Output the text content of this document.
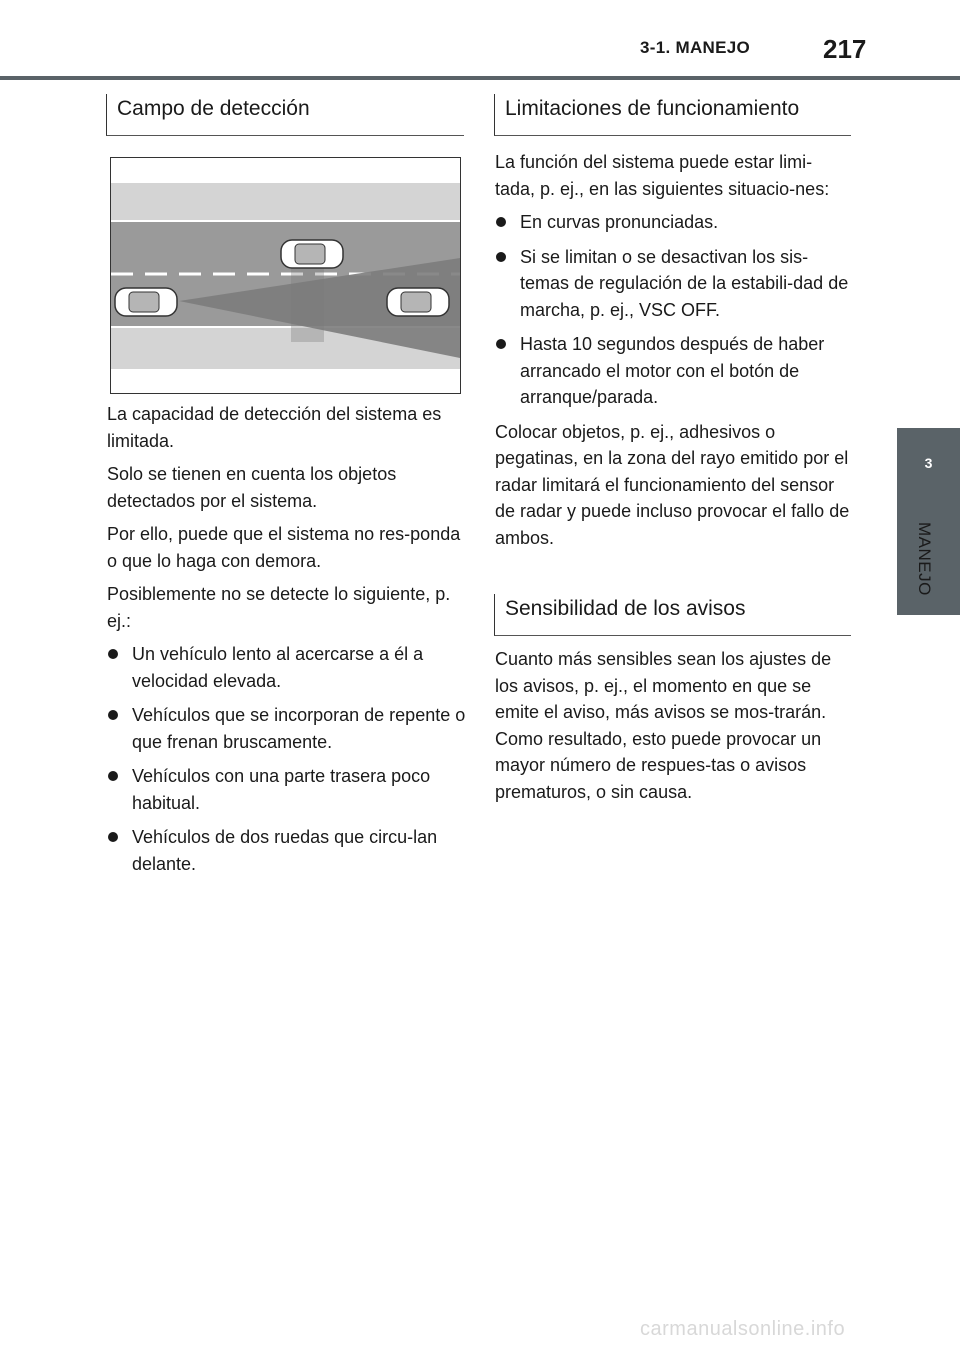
3-1. MANEJO	217
3
MANEJO
Campo de detección

La capacidad de detección del sistema es limitada.

Solo se tienen en cuenta los objetos detectados por el sistema.

Por ello, puede que el sistema no res-ponda o que lo haga con demora.

Posiblemente no se detecte lo siguiente, p. ej.:

Un vehículo lento al acercarse a él a velocidad elevada.
Vehículos que se incorporan de repente o que frenan bruscamente.
Vehículos con una parte trasera poco habitual.
Vehículos de dos ruedas que circu-lan delante.
Limitaciones de funcionamiento

La función del sistema puede estar limi-tada, p. ej., en las siguientes situacio-nes:

En curvas pronunciadas.
Si se limitan o se desactivan los sis-temas de regulación de la estabili-dad de marcha, p. ej., VSC OFF.
Hasta 10 segundos después de haber arrancado el motor con el botón de arranque/parada.

Colocar objetos, p. ej., adhesivos o pegatinas, en la zona del rayo emitido por el radar limitará el funcionamiento del sensor de radar y puede incluso provocar el fallo de ambos.

Sensibilidad de los avisos

Cuanto más sensibles sean los ajustes de los avisos, p. ej., el momento en que se emite el aviso, más avisos se mos-trarán. Como resultado, esto puede provocar un mayor número de respues-tas o avisos prematuros, o sin causa.

carmanualsonline.info
